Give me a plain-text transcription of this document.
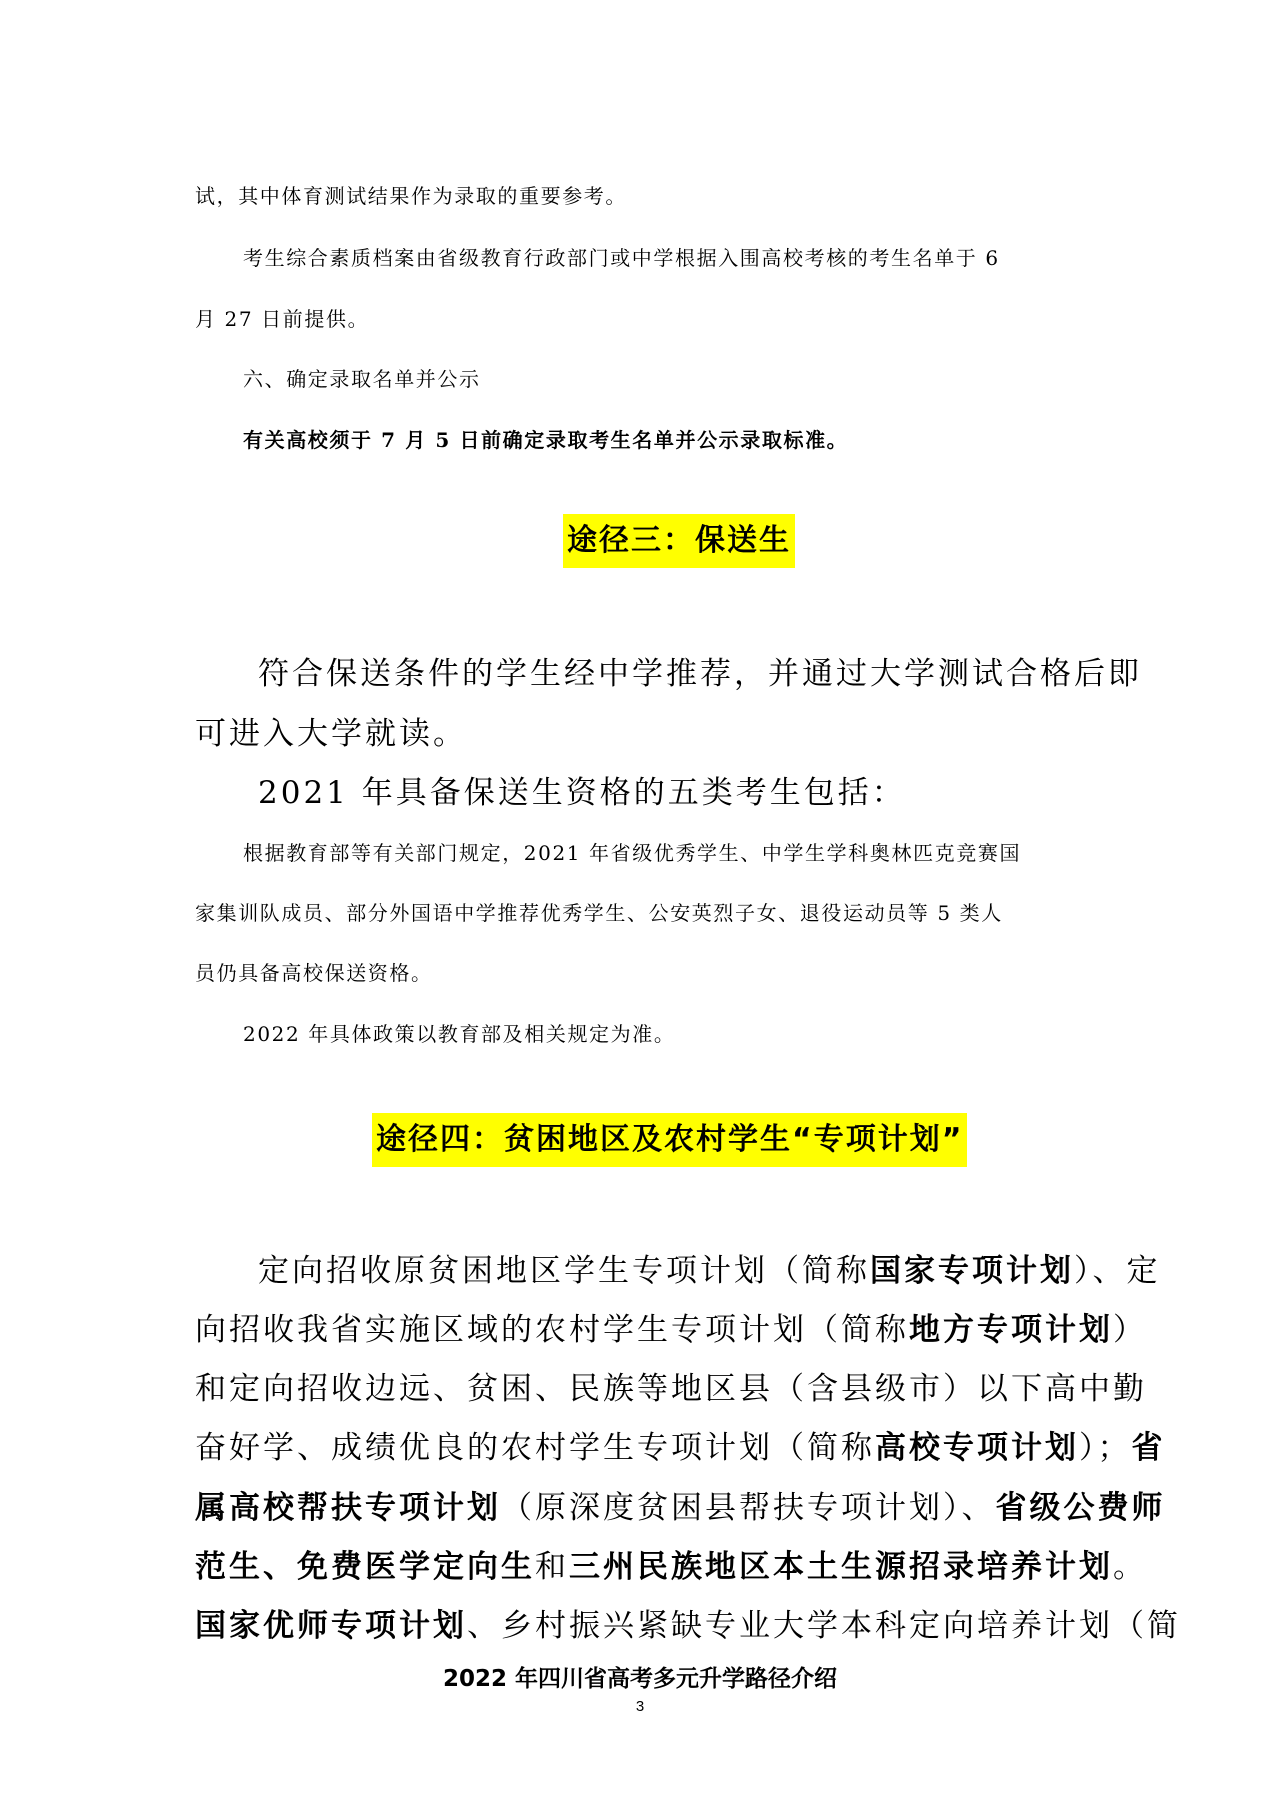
试，其中体育测试结果作为录取的重要参考。

考生综合素质档案由省级教育行政部门或中学根据入围高校考核的考生名单于 6

月 27 日前提供。

六、确定录取名单并公示

有关高校须于 7 月 5 日前确定录取考生名单并公示录取标准。

途径三：保送生

符合保送条件的学生经中学推荐，并通过大学测试合格后即

可进入大学就读。

2021 年具备保送生资格的五类考生包括：

根据教育部等有关部门规定，2021 年省级优秀学生、中学生学科奥林匹克竞赛国

家集训队成员、部分外国语中学推荐优秀学生、公安英烈子女、退役运动员等 5 类人

员仍具备高校保送资格。

2022 年具体政策以教育部及相关规定为准。

途径四：贫困地区及农村学生“专项计划”

定向招收原贫困地区学生专项计划（简称国家专项计划）、定

向招收我省实施区域的农村学生专项计划（简称地方专项计划）

和定向招收边远、贫困、民族等地区县（含县级市）以下高中勤

奋好学、成绩优良的农村学生专项计划（简称高校专项计划）；省

属高校帮扶专项计划（原深度贫困县帮扶专项计划）、省级公费师

范生、免费医学定向生和三州民族地区本土生源招录培养计划。

国家优师专项计划、乡村振兴紧缺专业大学本科定向培养计划（简

2022 年四川省高考多元升学路径介绍
3
